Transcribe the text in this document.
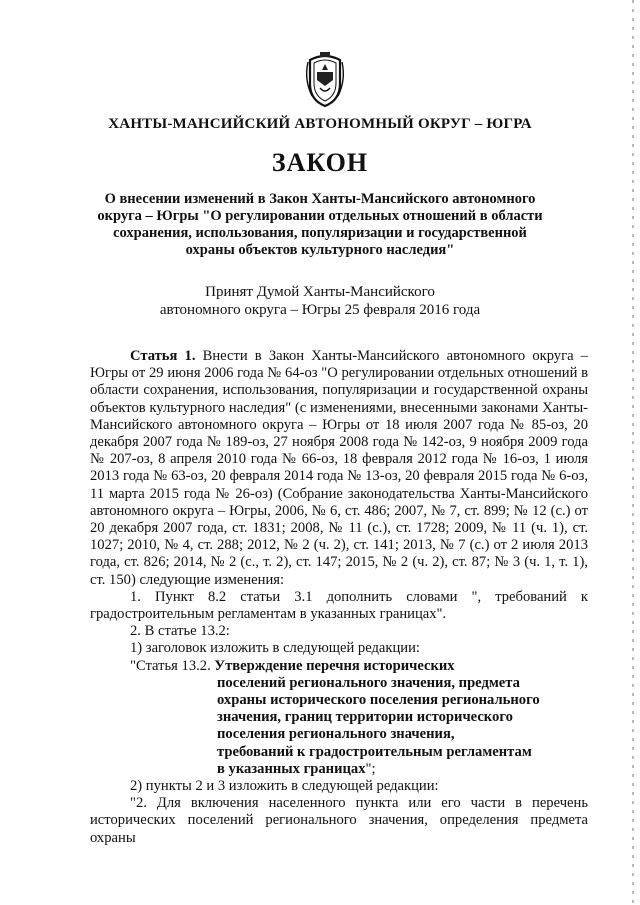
ХАНТЫ-МАНСИЙСКИЙ АВТОНОМНЫЙ ОКРУГ – ЮГРА
ЗАКОН
О внесении изменений в Закон Ханты-Мансийского автономного
округа – Югры "О регулировании отдельных отношений в области
сохранения, использования, популяризации и государственной
охраны объектов культурного наследия"
Принят Думой Ханты-Мансийского
автономного округа – Югры 25 февраля 2016 года

Статья 1. Внести в Закон Ханты-Мансийского автономного округа – Югры от 29 июня 2006 года № 64-оз "О регулировании отдельных отношений в области сохранения, использования, популяризации и государственной охраны объектов культурного наследия" (с изменениями, внесенными законами Ханты-Мансийского автономного округа – Югры от 18 июля 2007 года № 85-оз, 20 декабря 2007 года № 189-оз, 27 ноября 2008 года № 142-оз, 9 ноября 2009 года № 207-оз, 8 апреля 2010 года № 66-оз, 18 февраля 2012 года № 16-оз, 1 июля 2013 года № 63-оз, 20 февраля 2014 года № 13-оз, 20 февраля 2015 года № 6-оз, 11 марта 2015 года № 26-оз) (Собрание законодательства Ханты-Мансийского автономного округа – Югры, 2006, № 6, ст. 486; 2007, № 7, ст. 899; № 12 (с.) от 20 декабря 2007 года, ст. 1831; 2008, № 11 (с.), ст. 1728; 2009, № 11 (ч. 1), ст. 1027; 2010, № 4, ст. 288; 2012, № 2 (ч. 2), ст. 141; 2013, № 7 (с.) от 2 июля 2013 года, ст. 826; 2014, № 2 (с., т. 2), ст. 147; 2015, № 2 (ч. 2), ст. 87; № 3 (ч. 1, т. 1), ст. 150) следующие изменения:

1. Пункт 8.2 статьи 3.1 дополнить словами ", требований к градостроительным регламентам в указанных границах".

2. В статье 13.2:

1) заголовок изложить в следующей редакции:

"Статья 13.2. Утверждение перечня исторических

поселений регионального значения, предмета
охраны исторического поселения регионального
значения, границ территории исторического
поселения регионального значения,
требований к градостроительным регламентам
в указанных границах";

2) пункты 2 и 3 изложить в следующей редакции:

"2. Для включения населенного пункта или его части в перечень исторических поселений регионального значения, определения предмета охраны
